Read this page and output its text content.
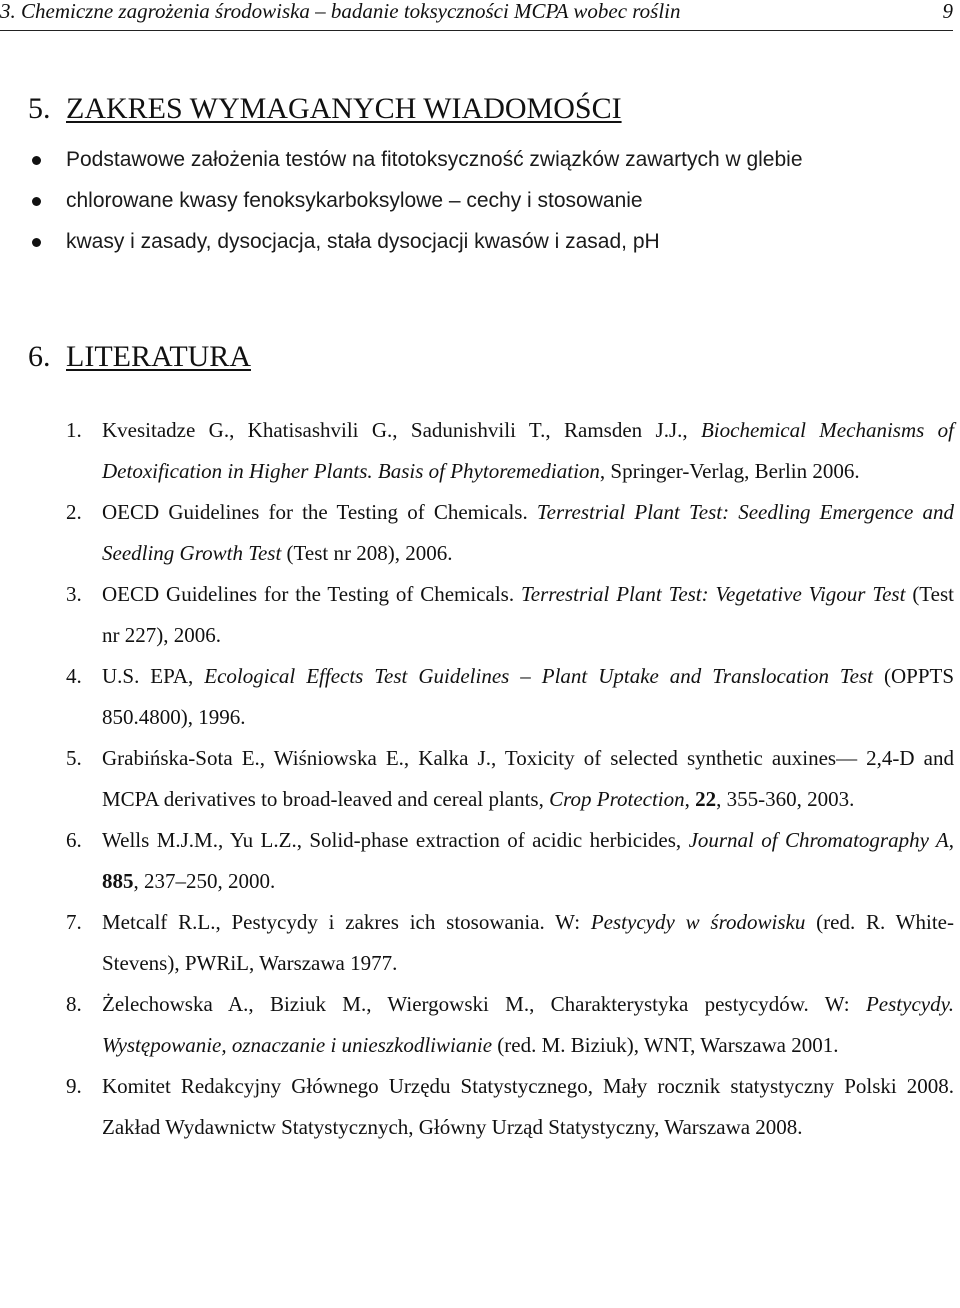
3. Chemiczne zagrożenia środowiska – badanie toksyczności MCPA wobec roślin	9
5. ZAKRES WYMAGANYCH WIADOMOŚCI
Podstawowe założenia testów na fitotoksyczność związków zawartych w glebie
chlorowane kwasy fenoksykarboksylowe – cechy i stosowanie
kwasy i zasady, dysocjacja, stała dysocjacji kwasów i zasad, pH
6. LITERATURA
1. Kvesitadze G., Khatisashvili G., Sadunishvili T., Ramsden J.J., Biochemical Mechanisms of Detoxification in Higher Plants. Basis of Phytoremediation, Springer-Verlag, Berlin 2006.
2. OECD Guidelines for the Testing of Chemicals. Terrestrial Plant Test: Seedling Emergence and Seedling Growth Test (Test nr 208), 2006.
3. OECD Guidelines for the Testing of Chemicals. Terrestrial Plant Test: Vegetative Vigour Test (Test nr 227), 2006.
4. U.S. EPA, Ecological Effects Test Guidelines – Plant Uptake and Translocation Test (OPPTS 850.4800), 1996.
5. Grabińska-Sota E., Wiśniowska E., Kalka J., Toxicity of selected synthetic auxines— 2,4-D and MCPA derivatives to broad-leaved and cereal plants, Crop Protection, 22, 355-360, 2003.
6. Wells M.J.M., Yu L.Z., Solid-phase extraction of acidic herbicides, Journal of Chromatography A, 885, 237–250, 2000.
7. Metcalf R.L., Pestycydy i zakres ich stosowania. W: Pestycydy w środowisku (red. R. White-Stevens), PWRiL, Warszawa 1977.
8. Żelechowska A., Biziuk M., Wiergowski M., Charakterystyka pestycydów. W: Pestycydy. Występowanie, oznaczanie i unieszkodliwianie (red. M. Biziuk), WNT, Warszawa 2001.
9. Komitet Redakcyjny Głównego Urzędu Statystycznego, Mały rocznik statystyczny Polski 2008. Zakład Wydawnictw Statystycznych, Główny Urząd Statystyczny, Warszawa 2008.
